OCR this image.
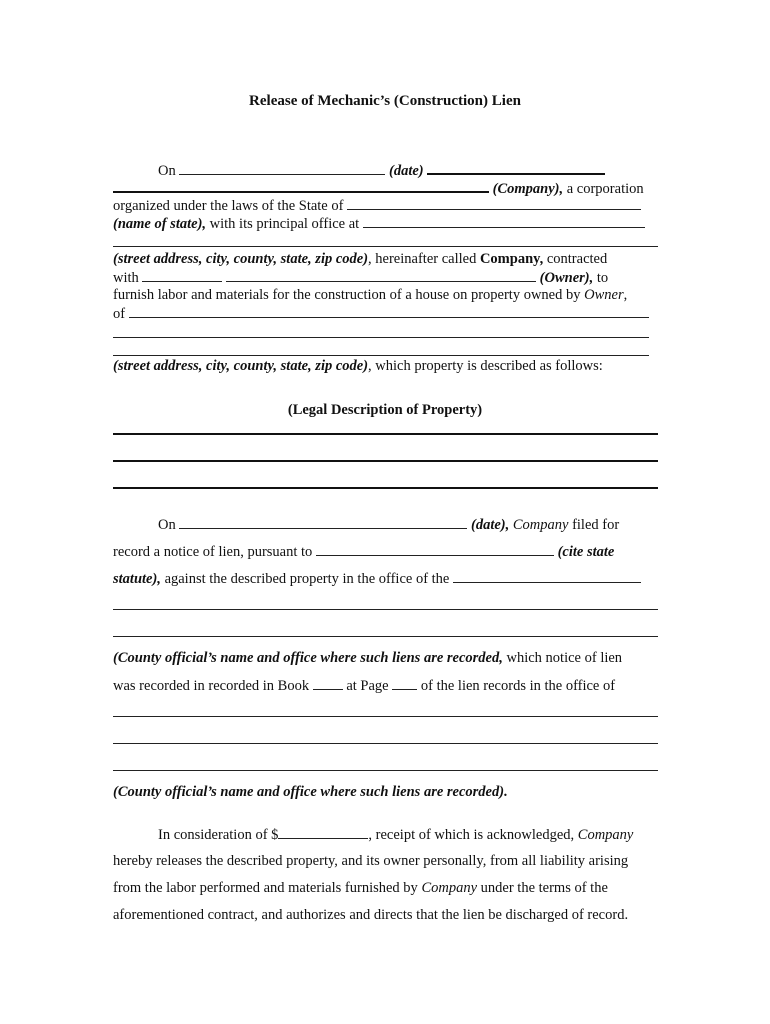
Release of Mechanic’s (Construction) Lien
On	(date)
(Company), a corporation
organized under the laws of the State of
(name of state), with its principal office at
(street address, city, county, state, zip code), hereinafter called Company, contracted
with	(Owner), to
furnish labor and materials for the construction of a house on property owned by Owner,
of
(street address, city, county, state, zip code), which property is described as follows:
(Legal Description of Property)
On	(date), Company filed for
record a notice of lien, pursuant to	(cite state
statute), against the described property in the office of the
(County official’s name and office where such liens are recorded, which notice of lien
was recorded in recorded in Book	at Page of the lien records in the office of
(County official’s name and office where such liens are recorded).
In consideration of $	, receipt of which is acknowledged, Company
hereby releases the described property, and its owner personally, from all liability arising
from the labor performed and materials furnished by Company under the terms of the
aforementioned contract, and authorizes and directs that the lien be discharged of record.
